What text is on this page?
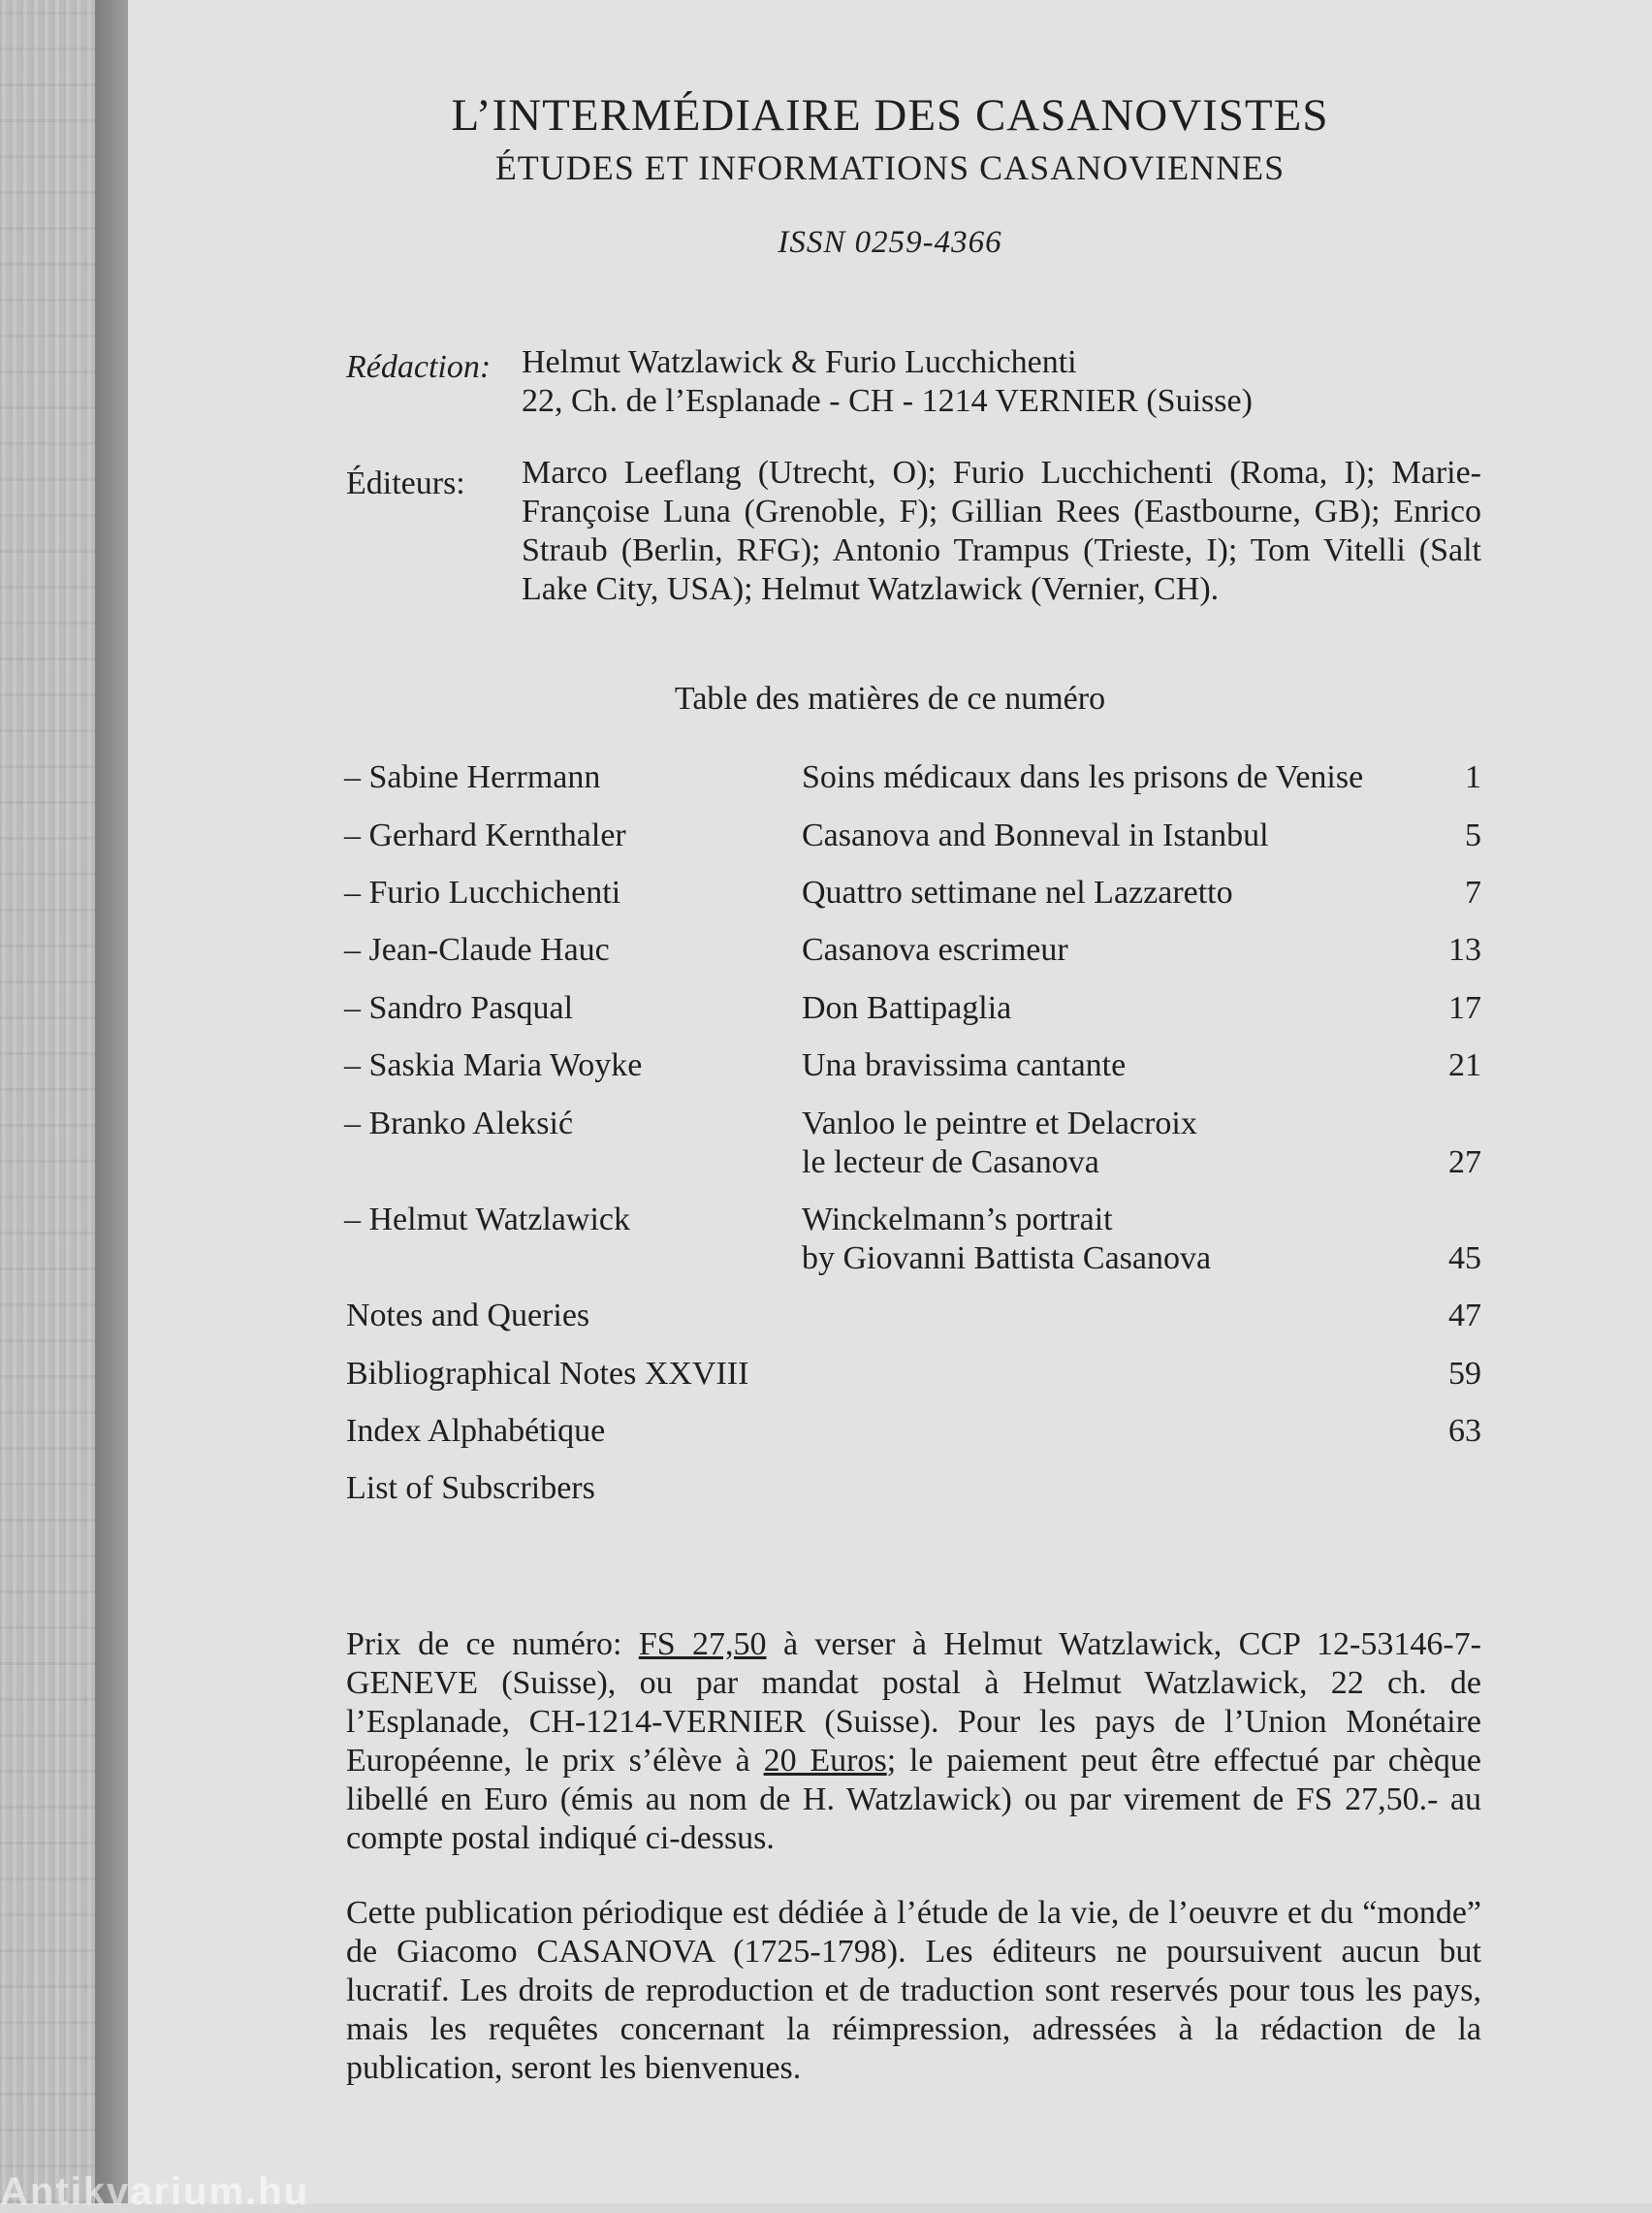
Antikvarium.hu
L’INTERMÉDIAIRE DES CASANOVISTES
ÉTUDES ET INFORMATIONS CASANOVIENNES
ISSN 0259-4366
Rédaction: Helmut Watzlawick & Furio Lucchichenti
22, Ch. de l’Esplanade - CH - 1214 VERNIER (Suisse)
Éditeurs: Marco Leeflang (Utrecht, O); Furio Lucchichenti (Roma, I); Marie-Françoise Luna (Grenoble, F); Gillian Rees (Eastbourne, GB); Enrico Straub (Berlin, RFG); Antonio Trampus (Trieste, I); Tom Vitelli (Salt Lake City, USA); Helmut Watzlawick (Vernier, CH).
Table des matières de ce numéro
– Sabine Herrmann	Soins médicaux dans les prisons de Venise	1
– Gerhard Kernthaler	Casanova and Bonneval in Istanbul	5
– Furio Lucchichenti	Quattro settimane nel Lazzaretto	7
– Jean-Claude Hauc	Casanova escrimeur	13
– Sandro Pasqual	Don Battipaglia	17
– Saskia Maria Woyke	Una bravissima cantante	21
– Branko Aleksić	Vanloo le peintre et Delacroix
le lecteur de Casanova	27
– Helmut Watzlawick	Winckelmann’s portrait
by Giovanni Battista Casanova	45
Notes and Queries	47
Bibliographical Notes XXVIII	59
Index Alphabétique	63
List of Subscribers
Prix de ce numéro: FS 27,50 à verser à Helmut Watzlawick, CCP 12-53146-7-GENEVE (Suisse), ou par mandat postal à Helmut Watzlawick, 22 ch. de l’Esplanade, CH-1214-VERNIER (Suisse). Pour les pays de l’Union Monétaire Européenne, le prix s’élève à 20 Euros; le paiement peut être effectué par chèque libellé en Euro (émis au nom de H. Watzlawick) ou par virement de FS 27,50.- au compte postal indiqué ci-dessus.
Cette publication périodique est dédiée à l’étude de la vie, de l’oeuvre et du “monde” de Giacomo CASANOVA (1725-1798). Les éditeurs ne poursuivent aucun but lucratif. Les droits de reproduction et de traduction sont reservés pour tous les pays, mais les requêtes concernant la réimpression, adressées à la rédaction de la publication, seront les bienvenues.
